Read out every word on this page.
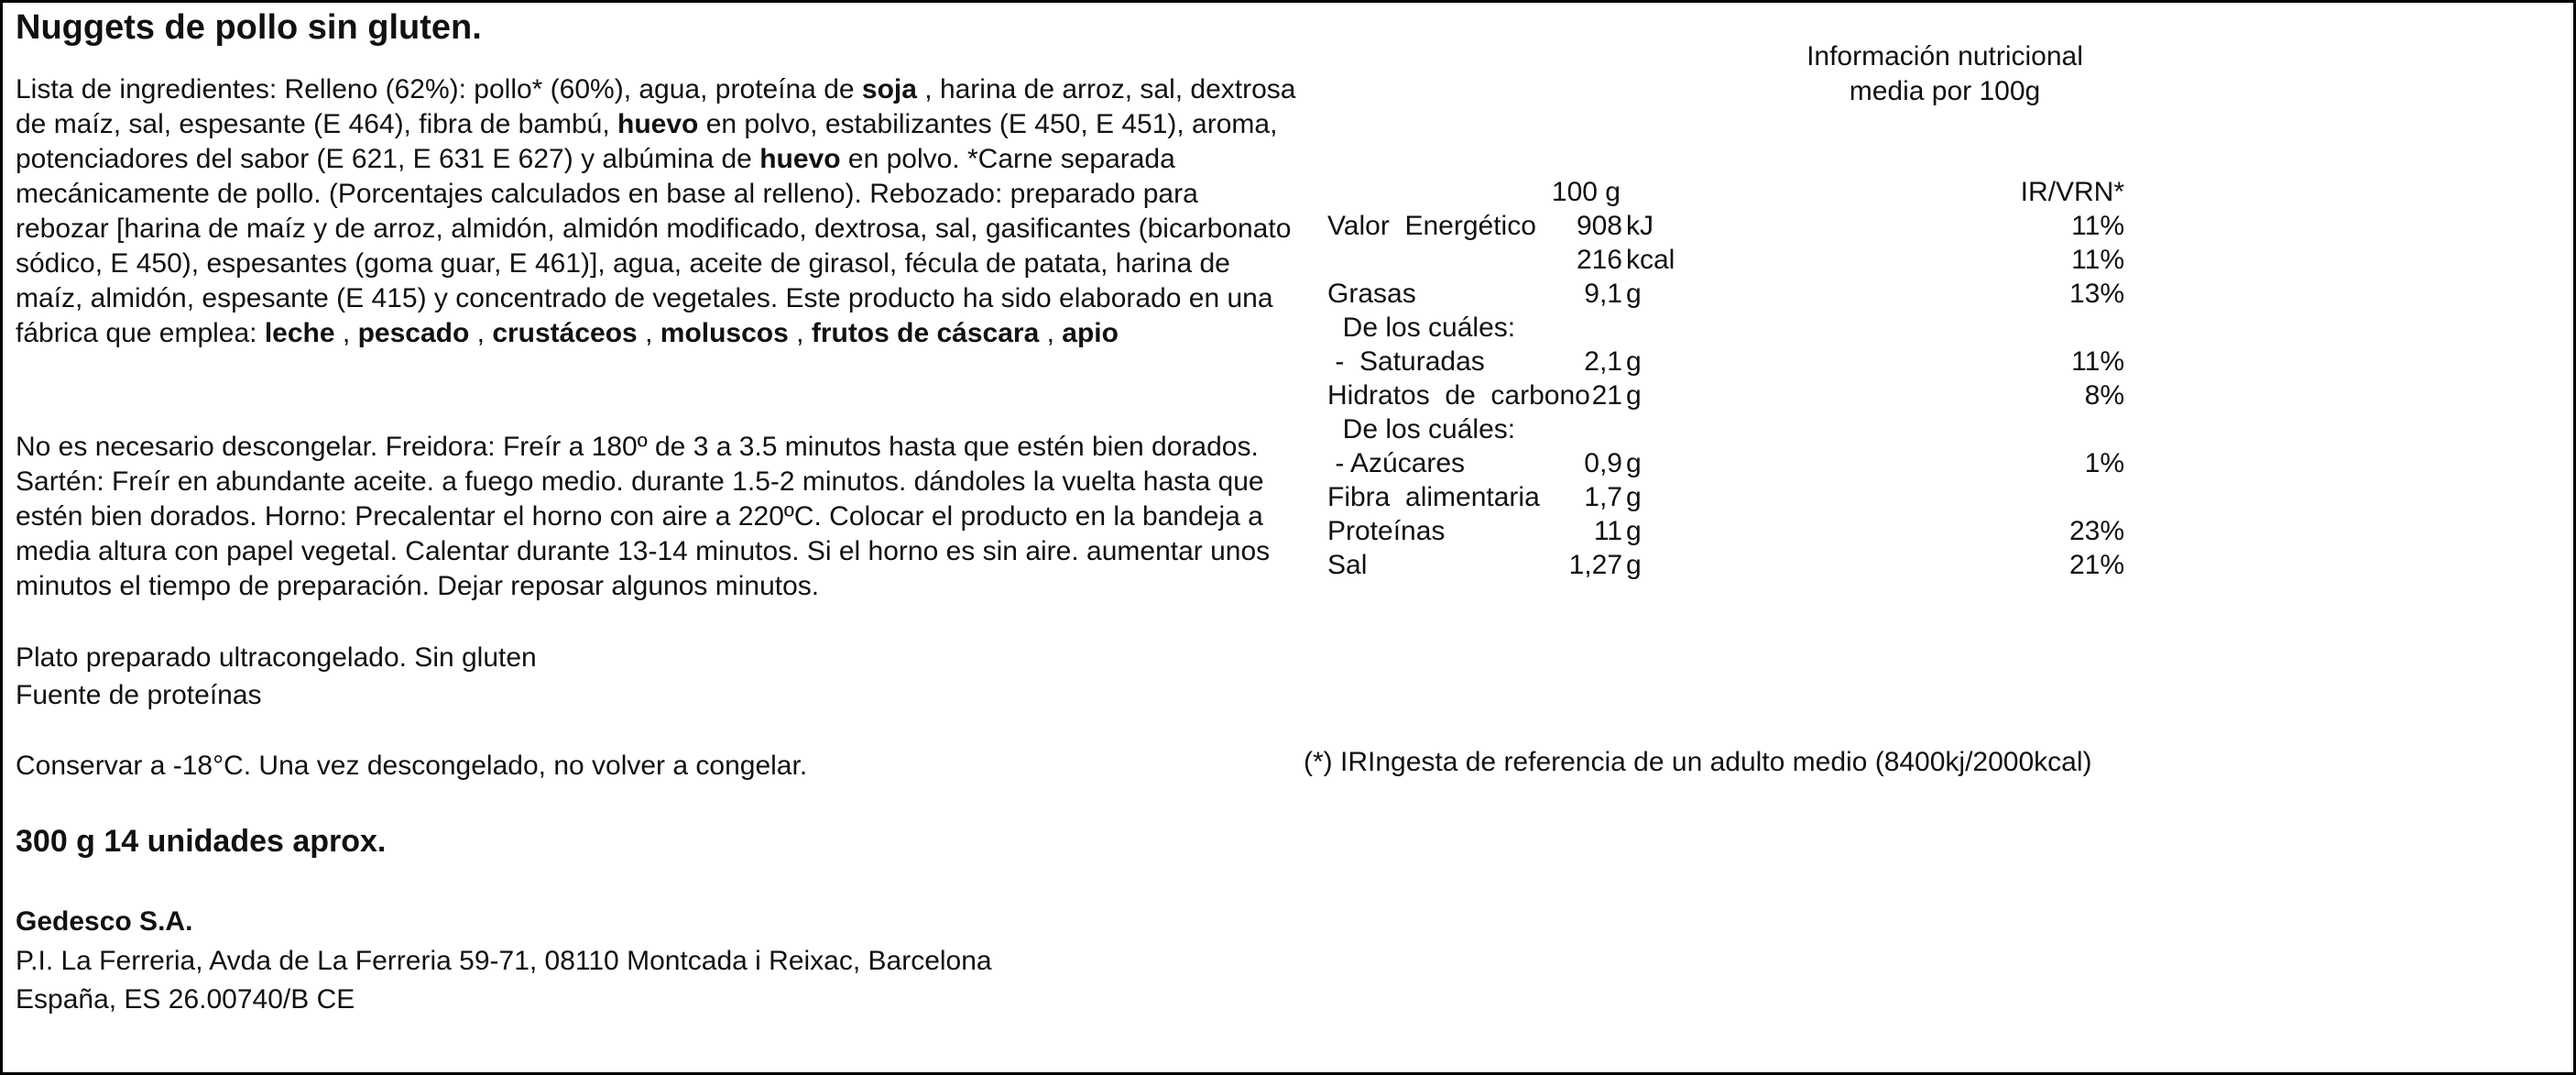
Nuggets de pollo sin gluten.
Lista de ingredientes: Relleno (62%): pollo* (60%), agua, proteína de soja , harina de arroz, sal, dextrosa de maíz, sal, espesante (E 464), fibra de bambú, huevo en polvo, estabilizantes (E 450, E 451), aroma, potenciadores del sabor (E 621, E 631 E 627) y albúmina de huevo en polvo. *Carne separada mecánicamente de pollo. (Porcentajes calculados en base al relleno). Rebozado: preparado para rebozar [harina de maíz y de arroz, almidón, almidón modificado, dextrosa, sal, gasificantes (bicarbonato sódico, E 450), espesantes (goma guar, E 461)], agua, aceite de girasol, fécula de patata, harina de maíz, almidón, espesante (E 415) y concentrado de vegetales. Este producto ha sido elaborado en una fábrica que emplea: leche , pescado , crustáceos , moluscos , frutos de cáscara , apio
No es necesario descongelar. Freidora: Freír a 180º de 3 a 3.5 minutos hasta que estén bien dorados. Sartén: Freír en abundante aceite. a fuego medio. durante 1.5-2 minutos. dándoles la vuelta hasta que estén bien dorados. Horno: Precalentar el horno con aire a 220ºC. Colocar el producto en la bandeja a media altura con papel vegetal. Calentar durante 13-14 minutos. Si el horno es sin aire. aumentar unos minutos el tiempo de preparación. Dejar reposar algunos minutos.
Plato preparado ultracongelado. Sin gluten
Fuente de proteínas
Conservar a -18°C. Una vez descongelado, no volver a congelar.
300 g 14 unidades aprox.
Gedesco S.A.
P.I. La Ferreria, Avda de La Ferreria 59-71, 08110 Montcada i Reixac, Barcelona
España, ES 26.00740/B CE
Información nutricional
media por 100g
100 g	IR/VRN*
Valor  Energético 908 kJ	11%
216 kcal	11%
Grasas	9,1 g	13%
De los cuáles:
-  Saturadas	2,1 g	11%
Hidratos  de  carbono 21 g	8%
De los cuáles:
- Azúcares	0,9 g	1%
Fibra  alimentaria 1,7 g
Proteínas	11 g	23%
Sal	1,27 g	21%
(*) IRIngesta de referencia de un adulto medio (8400kj/2000kcal)
